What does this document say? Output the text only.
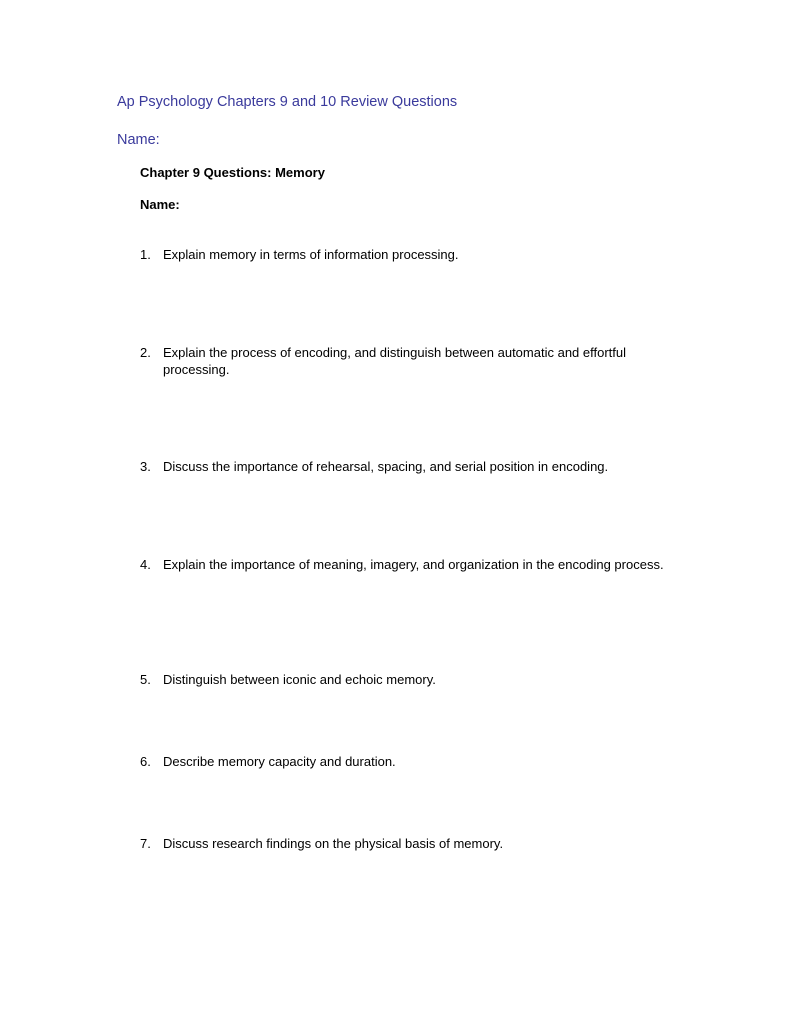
Ap Psychology Chapters 9 and 10 Review Questions
Name:

Chapter 9 Questions: Memory

Name:

1. Explain memory in terms of information processing.
2. Explain the process of encoding, and distinguish between automatic and effortful processing.
3. Discuss the importance of rehearsal, spacing, and serial position in encoding.
4. Explain the importance of meaning, imagery, and organization in the encoding process.
5. Distinguish between iconic and echoic memory.
6. Describe memory capacity and duration.
7. Discuss research findings on the physical basis of memory.
